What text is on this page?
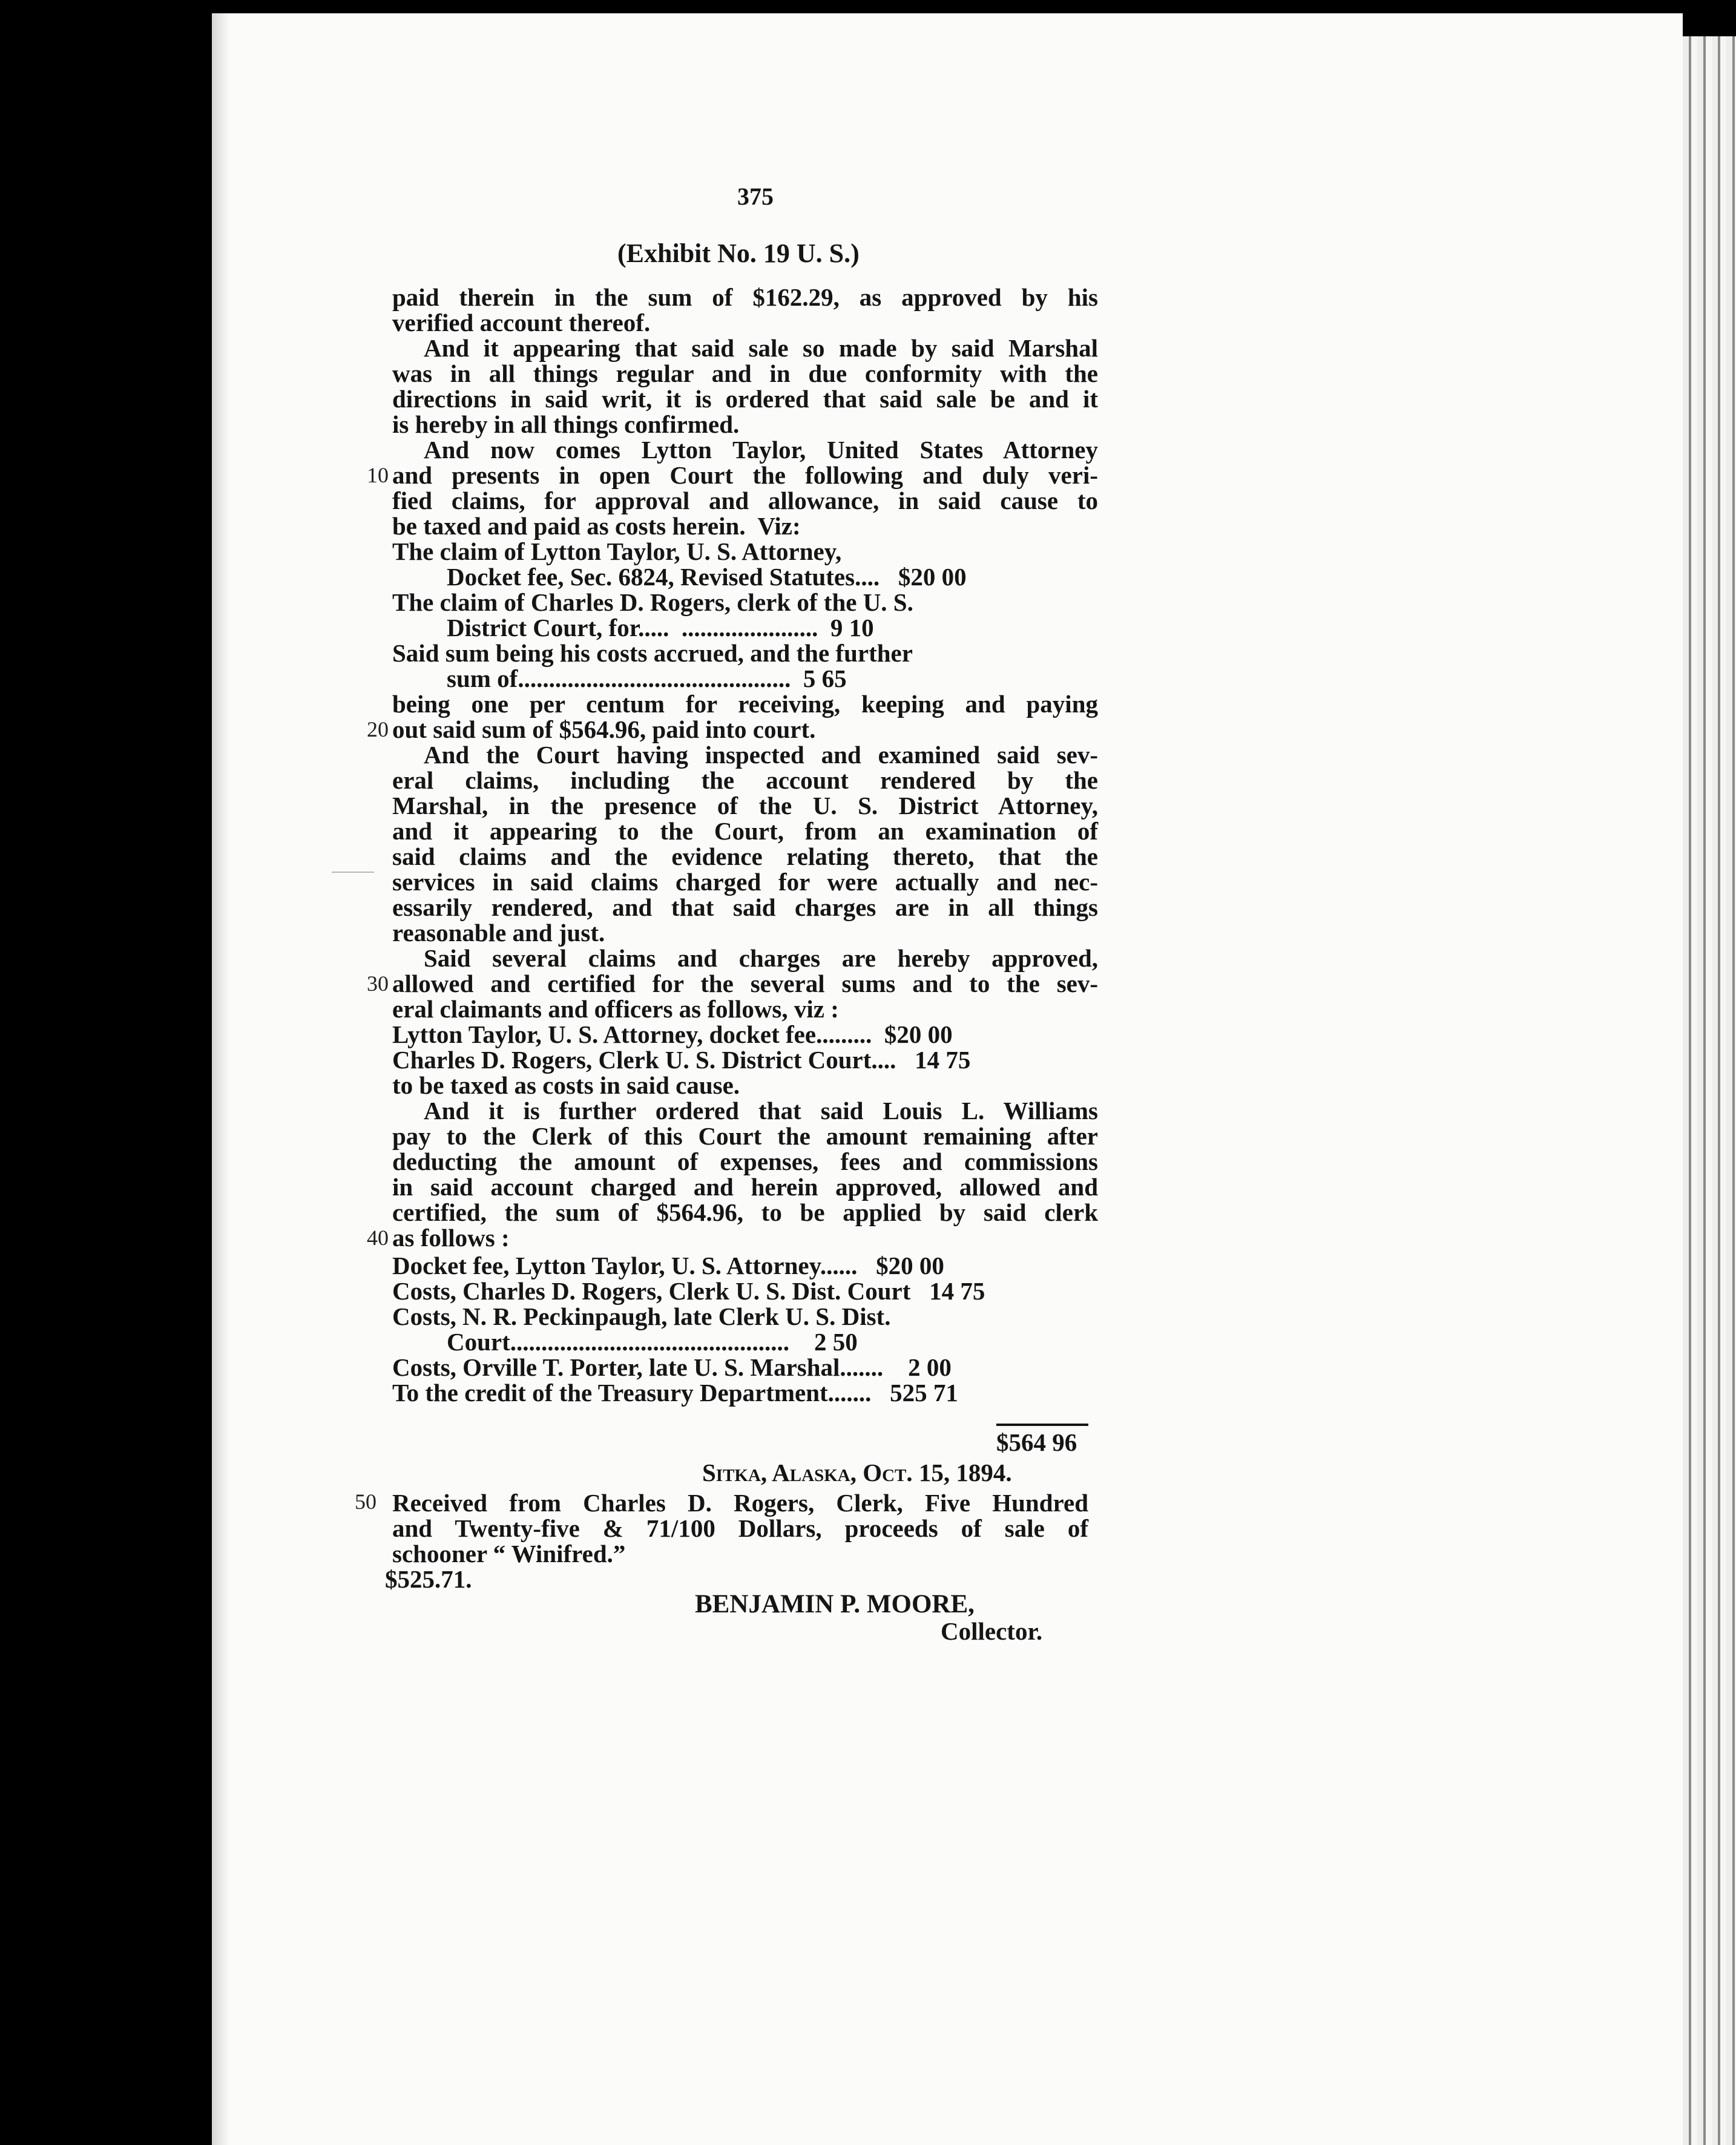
375
(Exhibit No. 19 U. S.)
paid therein in the sum of $162.29, as approved by his
verified account thereof.
And it appearing that said sale so made by said Marshal
was in all things regular and in due conformity with the
directions in said writ, it is ordered that said sale be and it
is hereby in all things confirmed.
And now comes Lytton Taylor, United States Attorney
10 and presents in open Court the following and duly veri-
fied claims, for approval and allowance, in said cause to
be taxed and paid as costs herein.  Viz:
The claim of Lytton Taylor, U. S. Attorney,
Docket fee, Sec. 6824, Revised Statutes....   $20 00
The claim of Charles D. Rogers, clerk of the U. S.
District Court, for.....  ......................  9 10
Said sum being his costs accrued, and the further
sum of............................................  5 65
being one per centum for receiving, keeping and paying
20 out said sum of $564.96, paid into court.
And the Court having inspected and examined said sev-
eral claims, including the account rendered by the
Marshal, in the presence of the U. S. District Attorney,
and it appearing to the Court, from an examination of
said claims and the evidence relating thereto, that the
services in said claims charged for were actually and nec-
essarily rendered, and that said charges are in all things
reasonable and just.
Said several claims and charges are hereby approved,
30 allowed and certified for the several sums and to the sev-
eral claimants and officers as follows, viz :
Lytton Taylor, U. S. Attorney, docket fee.........  $20 00
Charles D. Rogers, Clerk U. S. District Court....   14 75
to be taxed as costs in said cause.
And it is further ordered that said Louis L. Williams
pay to the Clerk of this Court the amount remaining after
deducting the amount of expenses, fees and commissions
in said account charged and herein approved, allowed and
certified, the sum of $564.96, to be applied by said clerk
40 as follows :
Docket fee, Lytton Taylor, U. S. Attorney......   $20 00
Costs, Charles D. Rogers, Clerk U. S. Dist. Court   14 75
Costs, N. R. Peckinpaugh, late Clerk U. S. Dist.
Court.............................................    2 50
Costs, Orville T. Porter, late U. S. Marshal.......    2 00
To the credit of the Treasury Department.......   525 71
$564 96
Sitka, Alaska, Oct. 15, 1894.
50 Received from Charles D. Rogers, Clerk, Five Hundred
and Twenty-five & 71/100 Dollars, proceeds of sale of
schooner “ Winifred.”
$525.71.
BENJAMIN P. MOORE,
Collector.
